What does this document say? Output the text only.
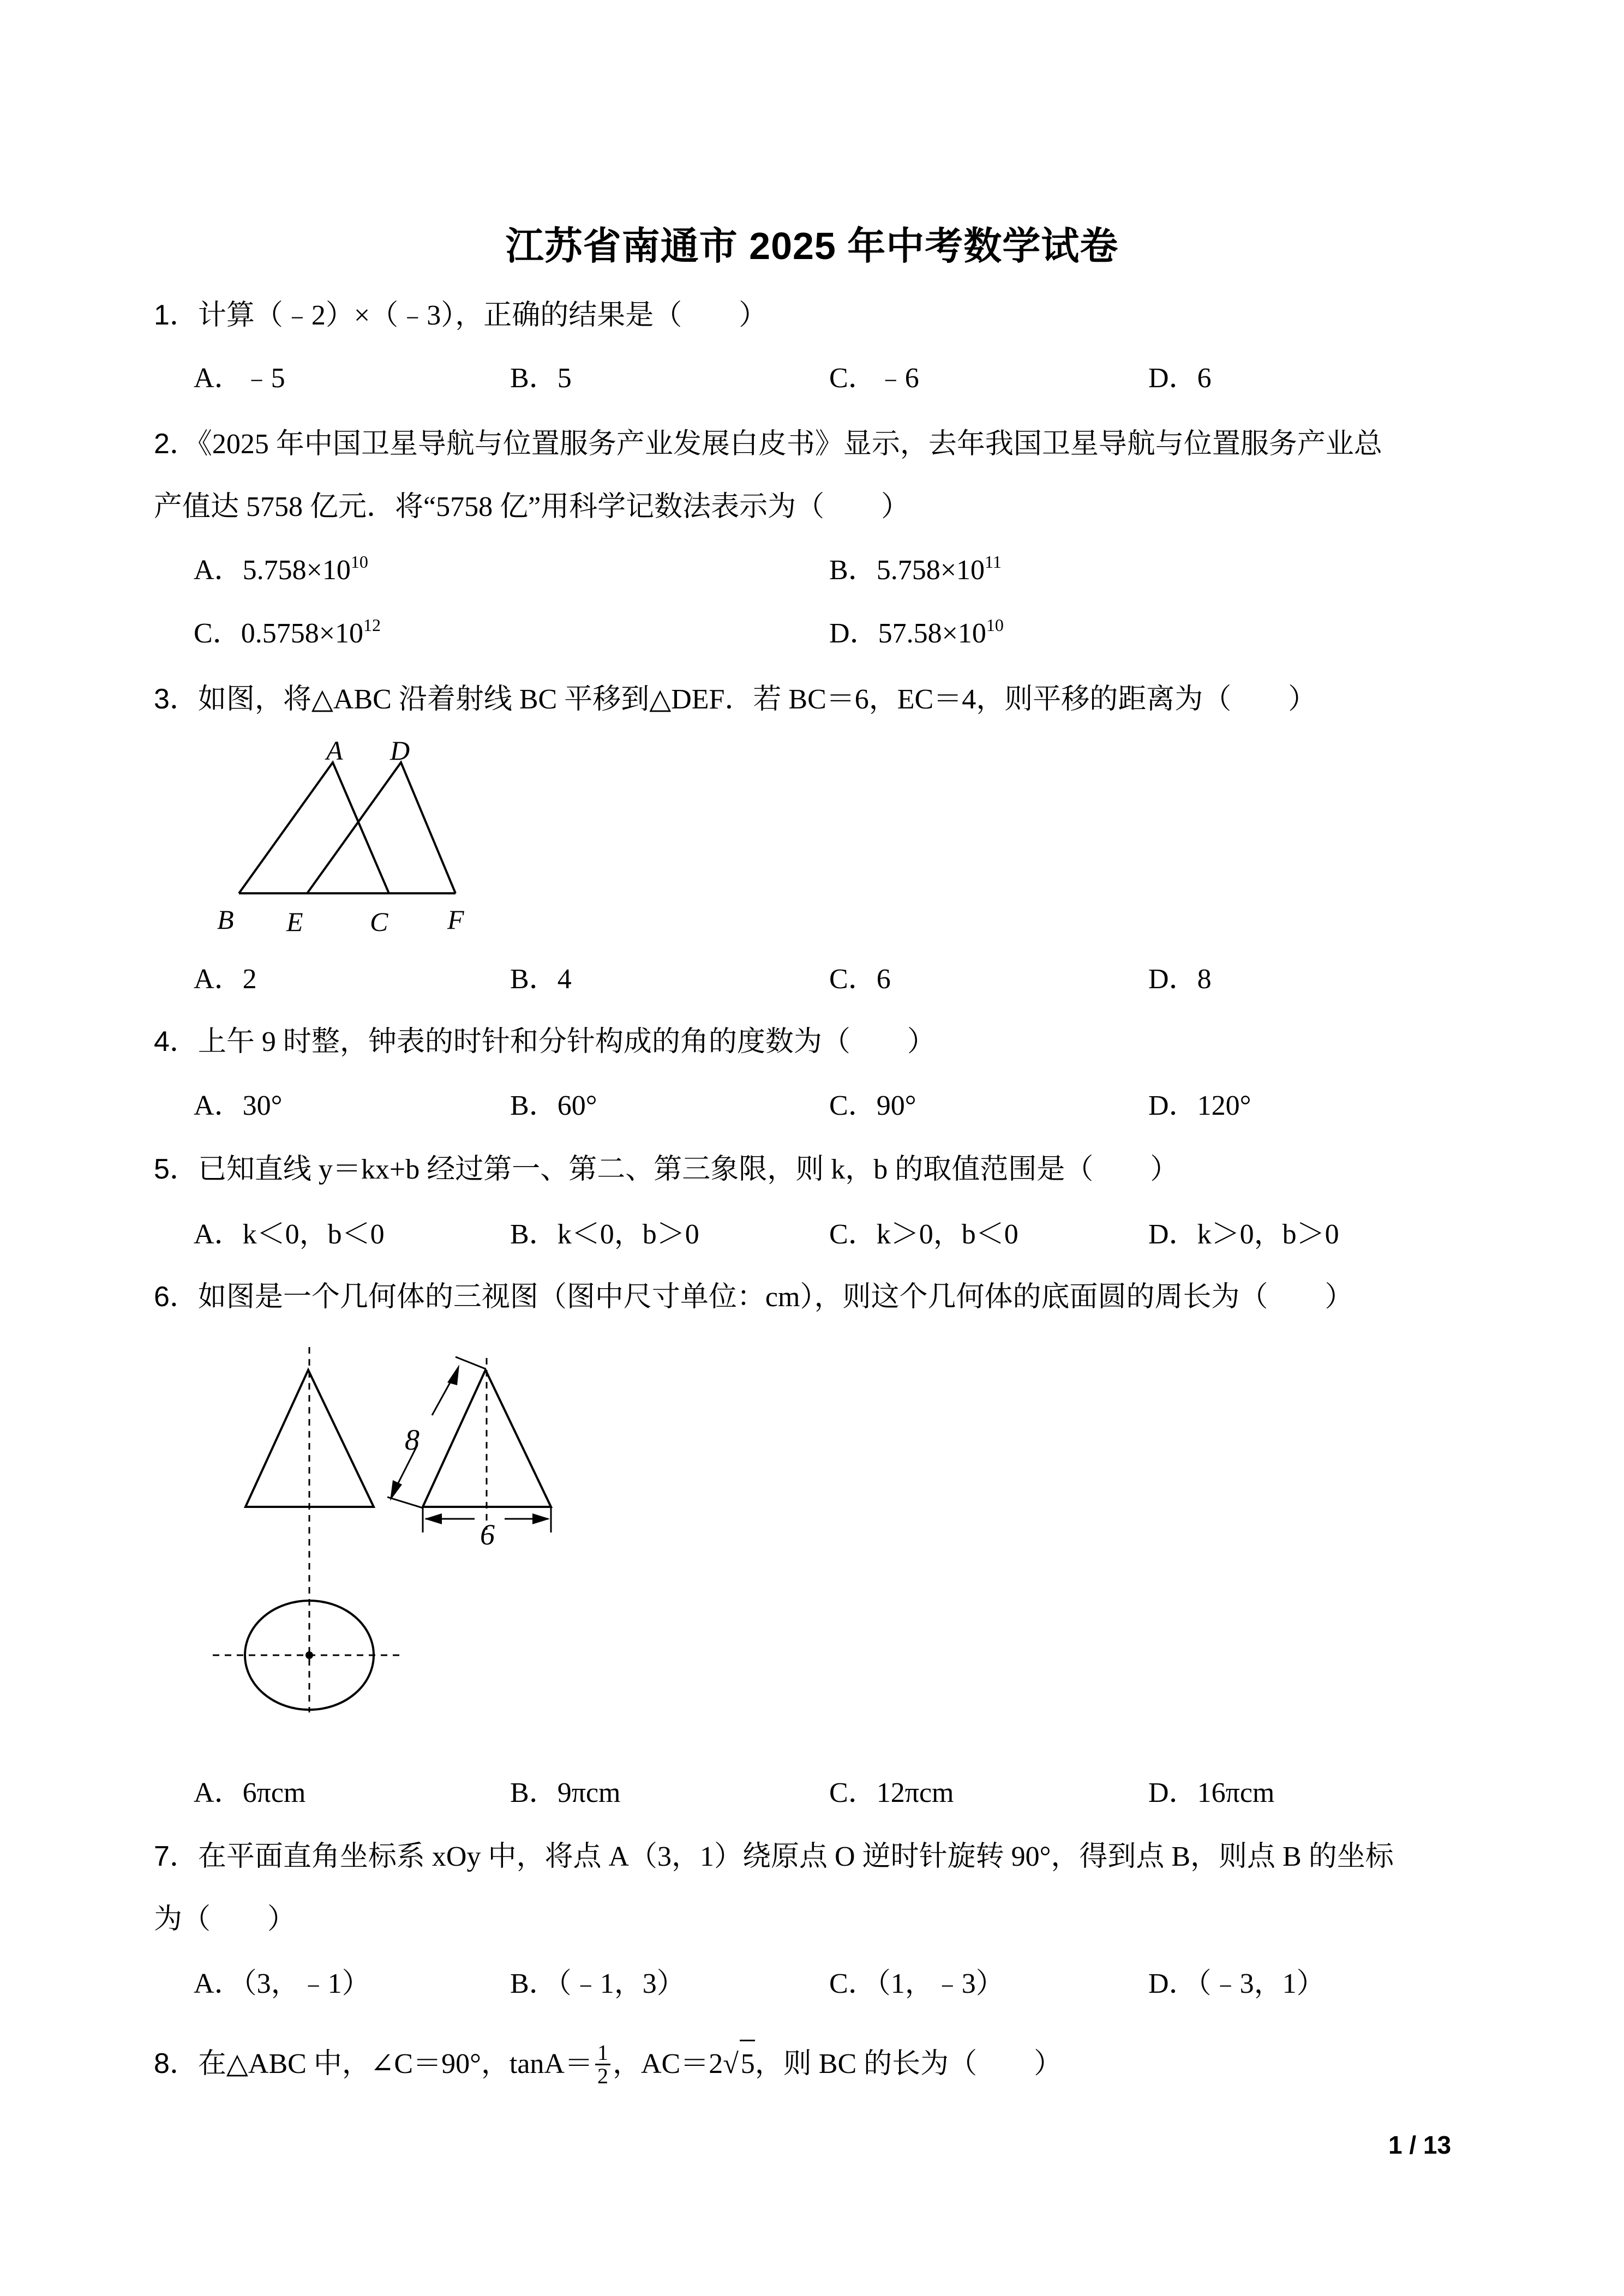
江苏省南通市 2025 年中考数学试卷
1．计算（﹣2）×（﹣3），正确的结果是（　　）
A．﹣5	B．5	C．﹣6	D．6
2．《2025 年中国卫星导航与位置服务产业发展白皮书》显示，去年我国卫星导航与位置服务产业总
产值达 5758 亿元．将“5758 亿”用科学记数法表示为（　　）
A．$5.758\times 10^{10}$	B．$5.758\times 10^{11}$
C．$0.5758\times 10^{12}$	D．$57.58\times 10^{10}$
3．如图，将△ABC 沿着射线 BC 平移到△DEF．若 BC＝6，EC＝4，则平移的距离为（　　）
A D
B E C F
A．2	B．4	C．6	D．8
4．上午 9 时整，钟表的时针和分针构成的角的度数为（　　）
A．30°	B．60°	C．90°	D．120°
5．已知直线 y＝kx+b 经过第一、第二、第三象限，则 k，b 的取值范围是（　　）
A．k＜0，b＜0	B．k＜0，b＞0	C．k＞0，b＜0	D．k＞0，b＞0
6．如图是一个几何体的三视图（图中尺寸单位：cm），则这个几何体的底面圆的周长为（　　）
8
6
A．6πcm	B．9πcm	C．12πcm	D．16πcm
7．在平面直角坐标系 xOy 中，将点 A（3，1）绕原点 O 逆时针旋转 90°，得到点 B，则点 B 的坐标
为（　　）
A．（3，﹣1）	B．（﹣1，3）	C．（1，﹣3）	D．（﹣3，1）
8．在△ABC 中，∠C＝90°，$\tan A= \frac{1}{2}$ ，AC＝2√5，则 BC 的长为（　　）
1 / 13
